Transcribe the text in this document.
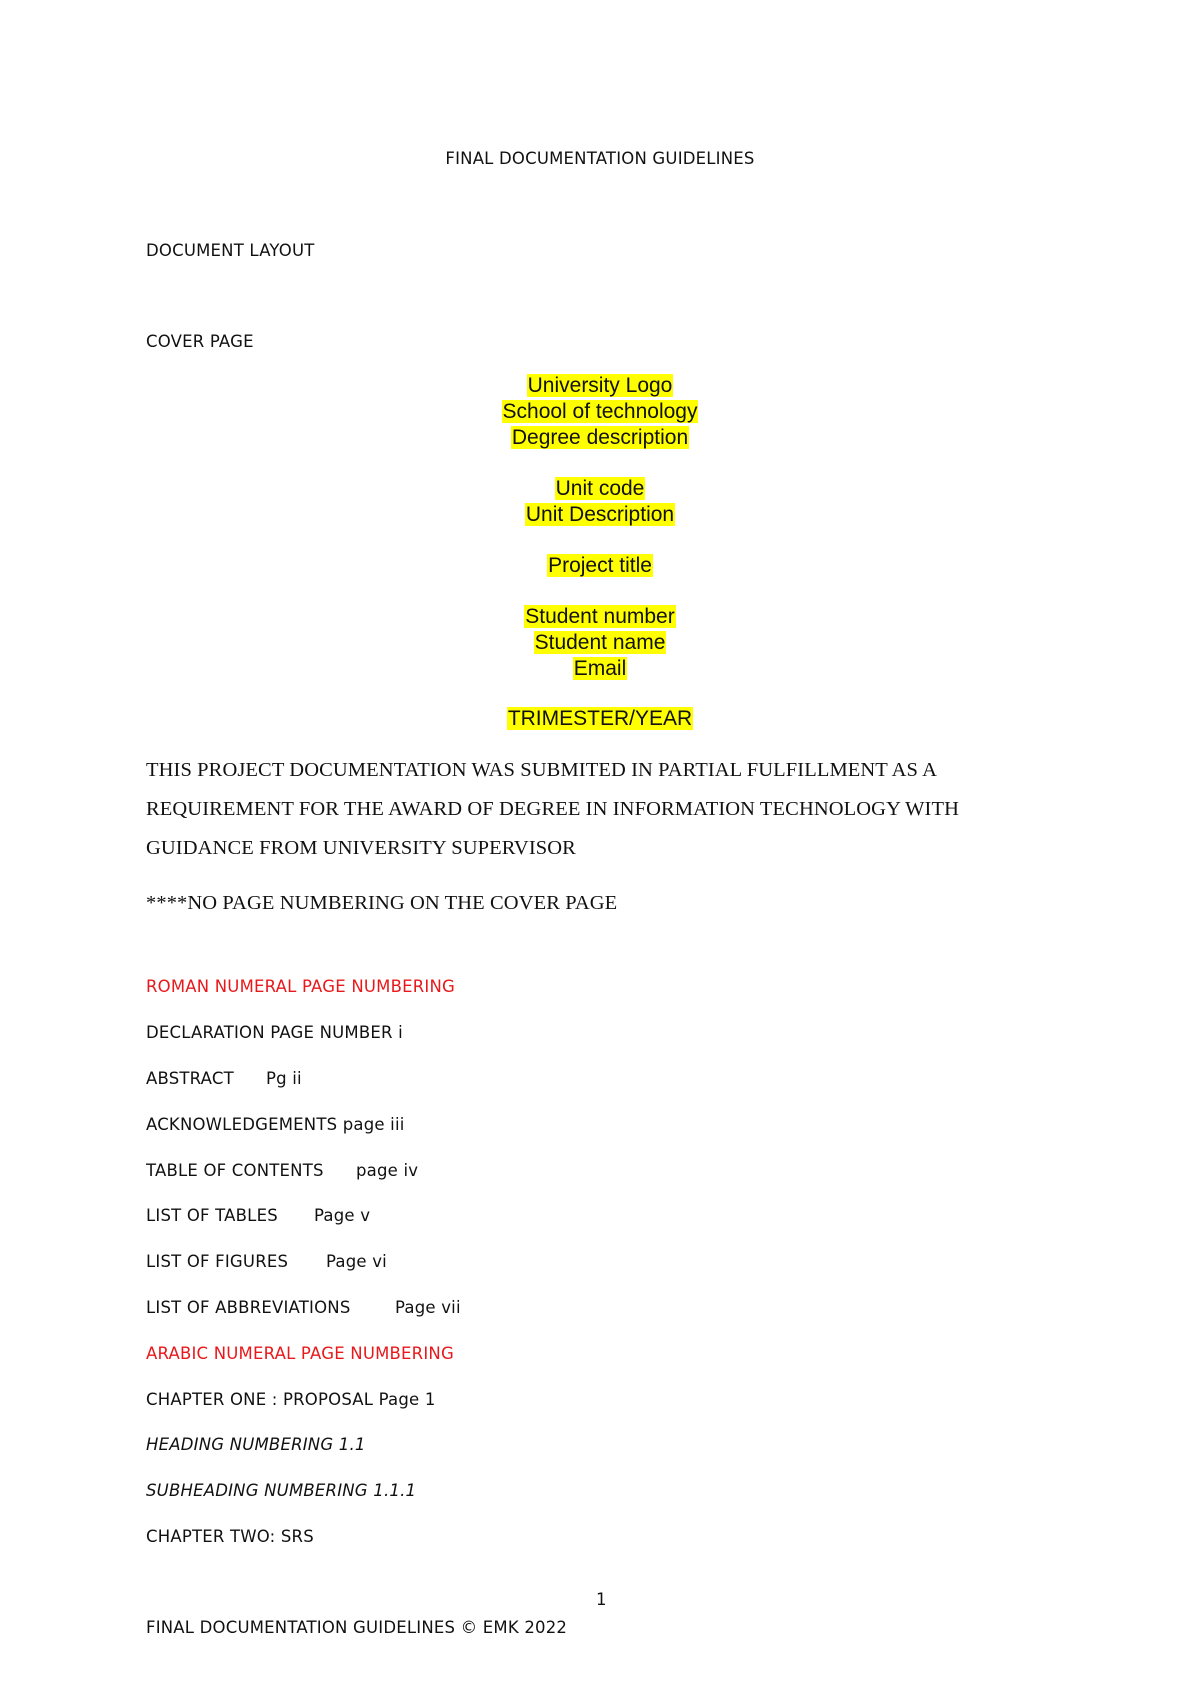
FINAL DOCUMENTATION GUIDELINES
DOCUMENT LAYOUT
COVER PAGE
University Logo
School of technology
Degree description
Unit code
Unit Description
Project title
Student number
Student name
Email
TRIMESTER/YEAR
THIS PROJECT DOCUMENTATION WAS SUBMITED IN PARTIAL FULFILLMENT AS A
REQUIREMENT FOR THE AWARD OF DEGREE IN INFORMATION TECHNOLOGY WITH
GUIDANCE FROM UNIVERSITY SUPERVISOR
****NO PAGE NUMBERING ON THE COVER PAGE
ROMAN NUMERAL PAGE NUMBERING
DECLARATION PAGE NUMBER i
ABSTRACT Pg ii
ACKNOWLEDGEMENTS page iii
TABLE OF CONTENTS page iv
LIST OF TABLES Page v
LIST OF FIGURES Page vi
LIST OF ABBREVIATIONS	Page vii
ARABIC NUMERAL PAGE NUMBERING
CHAPTER ONE : PROPOSAL Page 1
HEADING NUMBERING 1.1
SUBHEADING NUMBERING 1.1.1
CHAPTER TWO: SRS
1
FINAL DOCUMENTATION GUIDELINES © EMK 2022
